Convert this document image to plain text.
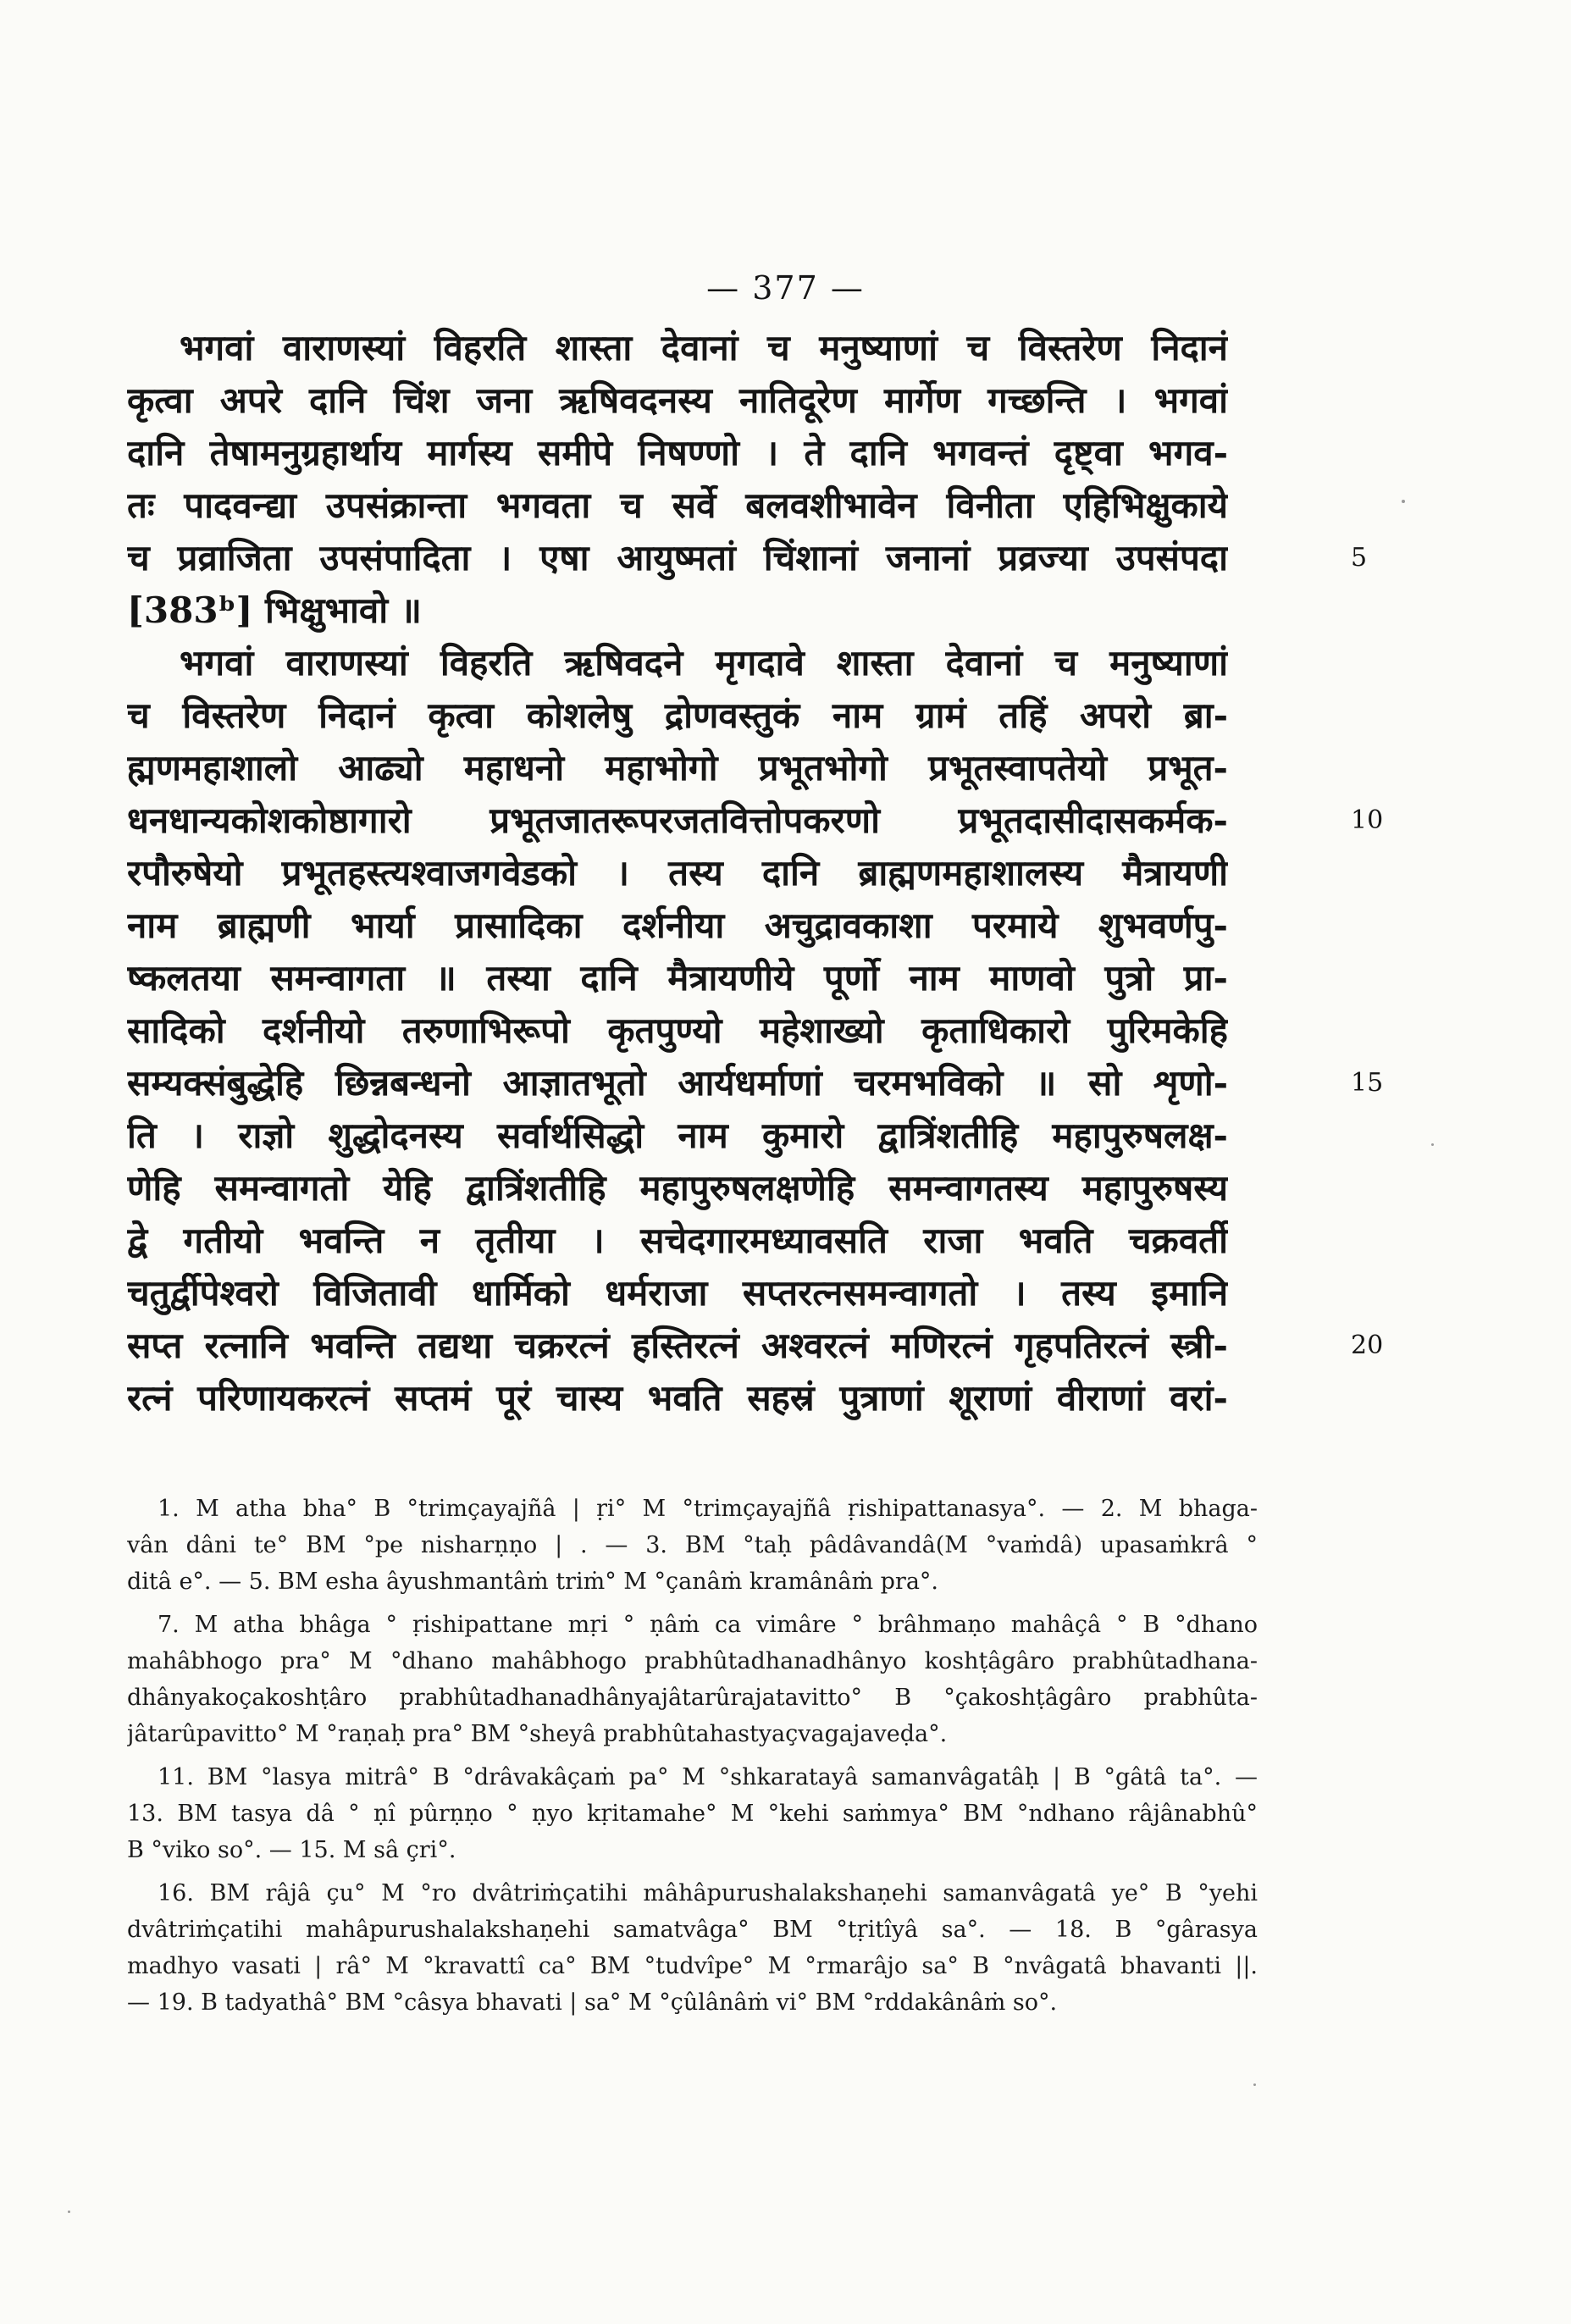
— 377 —
भगवां वाराणस्यां विहरति शास्ता देवानां च मनुष्याणां च विस्तरेण निदानं
कृत्वा अपरे दानि चिंश जना ऋषिवदनस्य नातिदूरेण मार्गेण गच्छन्ति । भगवां
दानि तेषामनुग्रहार्थाय मार्गस्य समीपे निषण्णो । ते दानि भगवन्तं दृष्ट्वा भगव-
तः पादवन्द्या उपसंक्रान्ता भगवता च सर्वे बलवशीभावेन विनीता एहिभिक्षुकाये
च प्रव्राजिता उपसंपादिता । एषा आयुष्मतां चिंशानां जनानां प्रव्रज्या उपसंपदा	5
[383ᵇ] भिक्षुभावो ॥
भगवां वाराणस्यां विहरति ऋषिवदने मृगदावे शास्ता देवानां च मनुष्याणां
च विस्तरेण निदानं कृत्वा कोशलेषु द्रोणवस्तुकं नाम ग्रामं तहिं अपरो ब्रा-
ह्मणमहाशालो आढ्यो महाधनो महाभोगो प्रभूतभोगो प्रभूतस्वापतेयो प्रभूत-
धनधान्यकोशकोष्ठागारो प्रभूतजातरूपरजतवित्तोपकरणो प्रभूतदासीदासकर्मक-	10
रपौरुषेयो प्रभूतहस्त्यश्वाजगवेडको । तस्य दानि ब्राह्मणमहाशालस्य मैत्रायणी
नाम ब्राह्मणी भार्या प्रासादिका दर्शनीया अचुद्रावकाशा परमाये शुभवर्णपु-
ष्कलतया समन्वागता ॥ तस्या दानि मैत्रायणीये पूर्णो नाम माणवो पुत्रो प्रा-
सादिको दर्शनीयो तरुणाभिरूपो कृतपुण्यो महेशाख्यो कृताधिकारो पुरिमकेहि
सम्यक्संबुद्धेहि छिन्नबन्धनो आज्ञातभूतो आर्यधर्माणां चरमभविको ॥ सो शृणो-	15
ति । राज्ञो शुद्धोदनस्य सर्वार्थसिद्धो नाम कुमारो द्वात्रिंशतीहि महापुरुषलक्ष-
णेहि समन्वागतो येहि द्वात्रिंशतीहि महापुरुषलक्षणेहि समन्वागतस्य महापुरुषस्य
द्वे गतीयो भवन्ति न तृतीया । सचेदगारमध्यावसति राजा भवति चक्रवर्ती
चतुर्द्वीपेश्वरो विजितावी धार्मिको धर्मराजा सप्तरत्नसमन्वागतो । तस्य इमानि
सप्त रत्नानि भवन्ति तद्यथा चक्ररत्नं हस्तिरत्नं अश्वरत्नं मणिरत्नं गृहपतिरत्नं स्त्री-	20
रत्नं परिणायकरत्नं सप्तमं पूरं चास्य भवति सहस्रं पुत्राणां शूराणां वीराणां वरां-
1. M atha bha° B °trimçayajñâ | ṛi° M °trimçayajñâ ṛishipattanasya°. — 2. M bhaga-
vân dâni te° BM °pe nisharṇṇo | . — 3. BM °taḥ pâdâvandâ(M °vaṁdâ) upasaṁkrâ °
ditâ e°. — 5. BM esha âyushmantâṁ triṁ° M °çanâṁ kramânâṁ pra°.
7. M atha bhâga ° ṛishipattane mṛi ° ṇâṁ ca vimâre ° brâhmaṇo mahâçâ ° B °dhano
mahâbhogo pra° M °dhano mahâbhogo prabhûtadhanadhânyo koshṭâgâro prabhûtadhana-
dhânyakoçakoshṭâro prabhûtadhanadhânyajâtarûrajatavitto° B °çakoshṭâgâro prabhûta-
jâtarûpavitto° M °raṇaḥ pra° BM °sheyâ prabhûtahastyaçvagajaveḍa°.
11. BM °lasya mitrâ° B °drâvakâçaṁ pa° M °shkaratayâ samanvâgatâḥ | B °gâtâ ta°. —
13. BM tasya dâ ° ṇî pûrṇṇo ° ṇyo kṛitamahe° M °kehi saṁmya° BM °ndhano râjânabhû°
B °viko so°. — 15. M sâ çri°.
16. BM râjâ çu° M °ro dvâtriṁçatihi mâhâpurushalakshaṇehi samanvâgatâ ye° B °yehi
dvâtriṁçatihi mahâpurushalakshaṇehi samatvâga° BM °tṛitîyâ sa°. — 18. B °gârasya
madhyo vasati | râ° M °kravattî ca° BM °tudvîpe° M °rmarâjo sa° B °nvâgatâ bhavanti ||.
— 19. B tadyathâ° BM °câsya bhavati | sa° M °çûlânâṁ vi° BM °rddakânâṁ so°.
